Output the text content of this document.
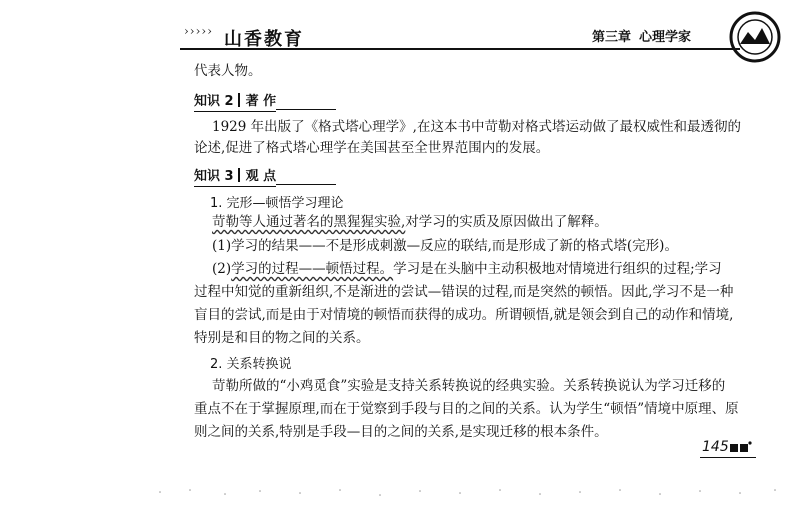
››››› 山香教育	第三章 心理学家
代表人物。
知识 2 著 作
1929 年出版了《格式塔心理学》,在这本书中苛勒对格式塔运动做了最权威性和最透彻的
论述,促进了格式塔心理学在美国甚至全世界范围内的发展。
知识 3 观 点
1. 完形—顿悟学习理论
苛勒等人通过著名的黑猩猩实验,对学习的实质及原因做出了解释。
(1)学习的结果——不是形成刺激—反应的联结,而是形成了新的格式塔(完形)。
(2)学习的过程——顿悟过程。学习是在头脑中主动积极地对情境进行组织的过程;学习
过程中知觉的重新组织,不是渐进的尝试—错误的过程,而是突然的顿悟。因此,学习不是一种
盲目的尝试,而是由于对情境的顿悟而获得的成功。所谓顿悟,就是领会到自己的动作和情境,
特别是和目的物之间的关系。
2. 关系转换说
苛勒所做的“小鸡觅食”实验是支持关系转换说的经典实验。关系转换说认为学习迁移的
重点不在于掌握原理,而在于觉察到手段与目的之间的关系。认为学生“顿悟”情境中原理、原
则之间的关系,特别是手段—目的之间的关系,是实现迁移的根本条件。
145
